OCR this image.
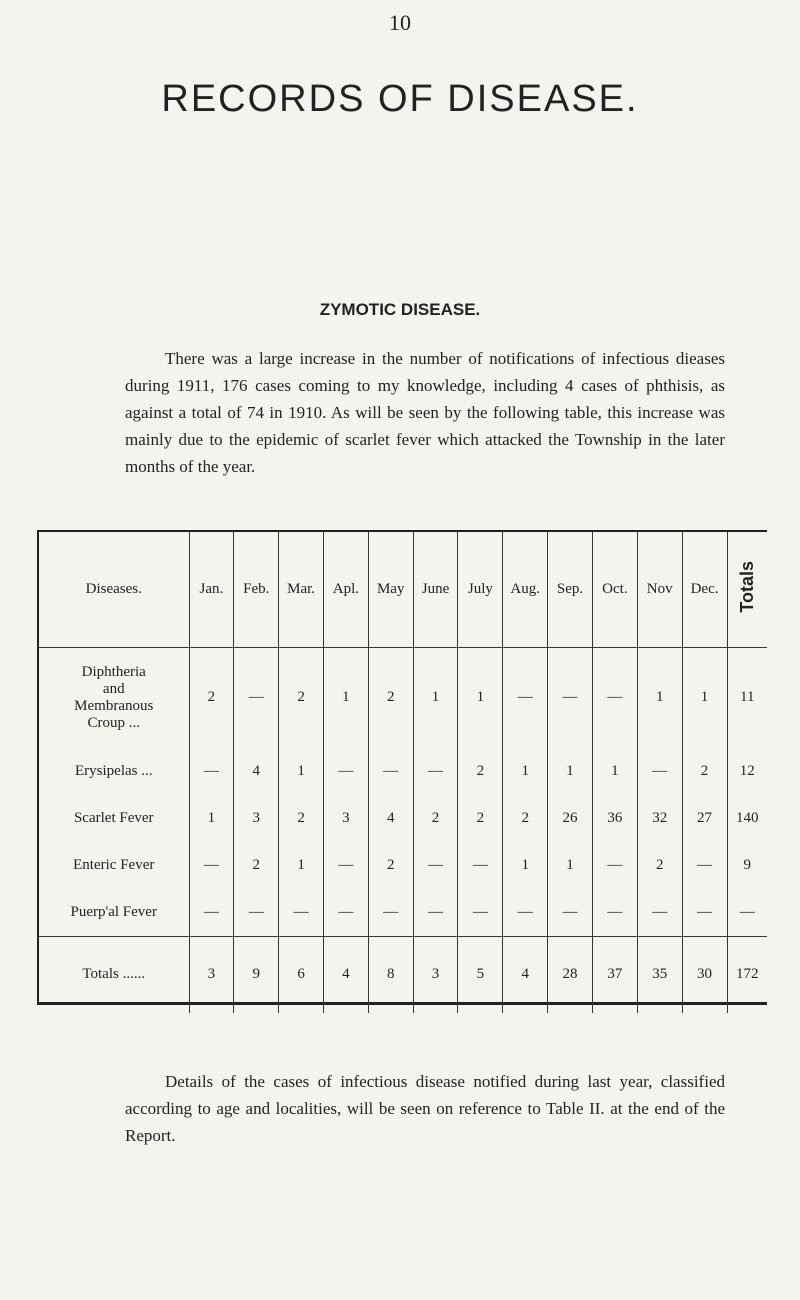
10
RECORDS OF DISEASE.
ZYMOTIC DISEASE.
There was a large increase in the number of notifications of infectious dieases during 1911, 176 cases coming to my knowledge, including 4 cases of phthisis, as against a total of 74 in 1910. As will be seen by the following table, this increase was mainly due to the epidemic of scarlet fever which attacked the Township in the later months of the year.
Diseases.	Jan.	Feb.	Mar.	Apl.	May	June	July	Aug.	Sep.	Oct.	Nov	Dec.	Totals
Diphtheria
and
Membranous
Croup ...	2	—	2	1	2	1	1	—	—	—	1	1	11
Erysipelas ...	—	4	1	—	—	—	2	1	1	1	—	2	12
Scarlet Fever	1	3	2	3	4	2	2	2	26	36	32	27	140
Enteric Fever	—	2	1	—	2	—	—	1	1	—	2	—	9
Puerp'al Fever	—	—	—	—	—	—	—	—	—	—	—	—	—
Totals ......	3	9	6	4	8	3	5	4	28	37	35	30	172
Details of the cases of infectious disease notified during last year, classified according to age and localities, will be seen on reference to Table II. at the end of the Report.
